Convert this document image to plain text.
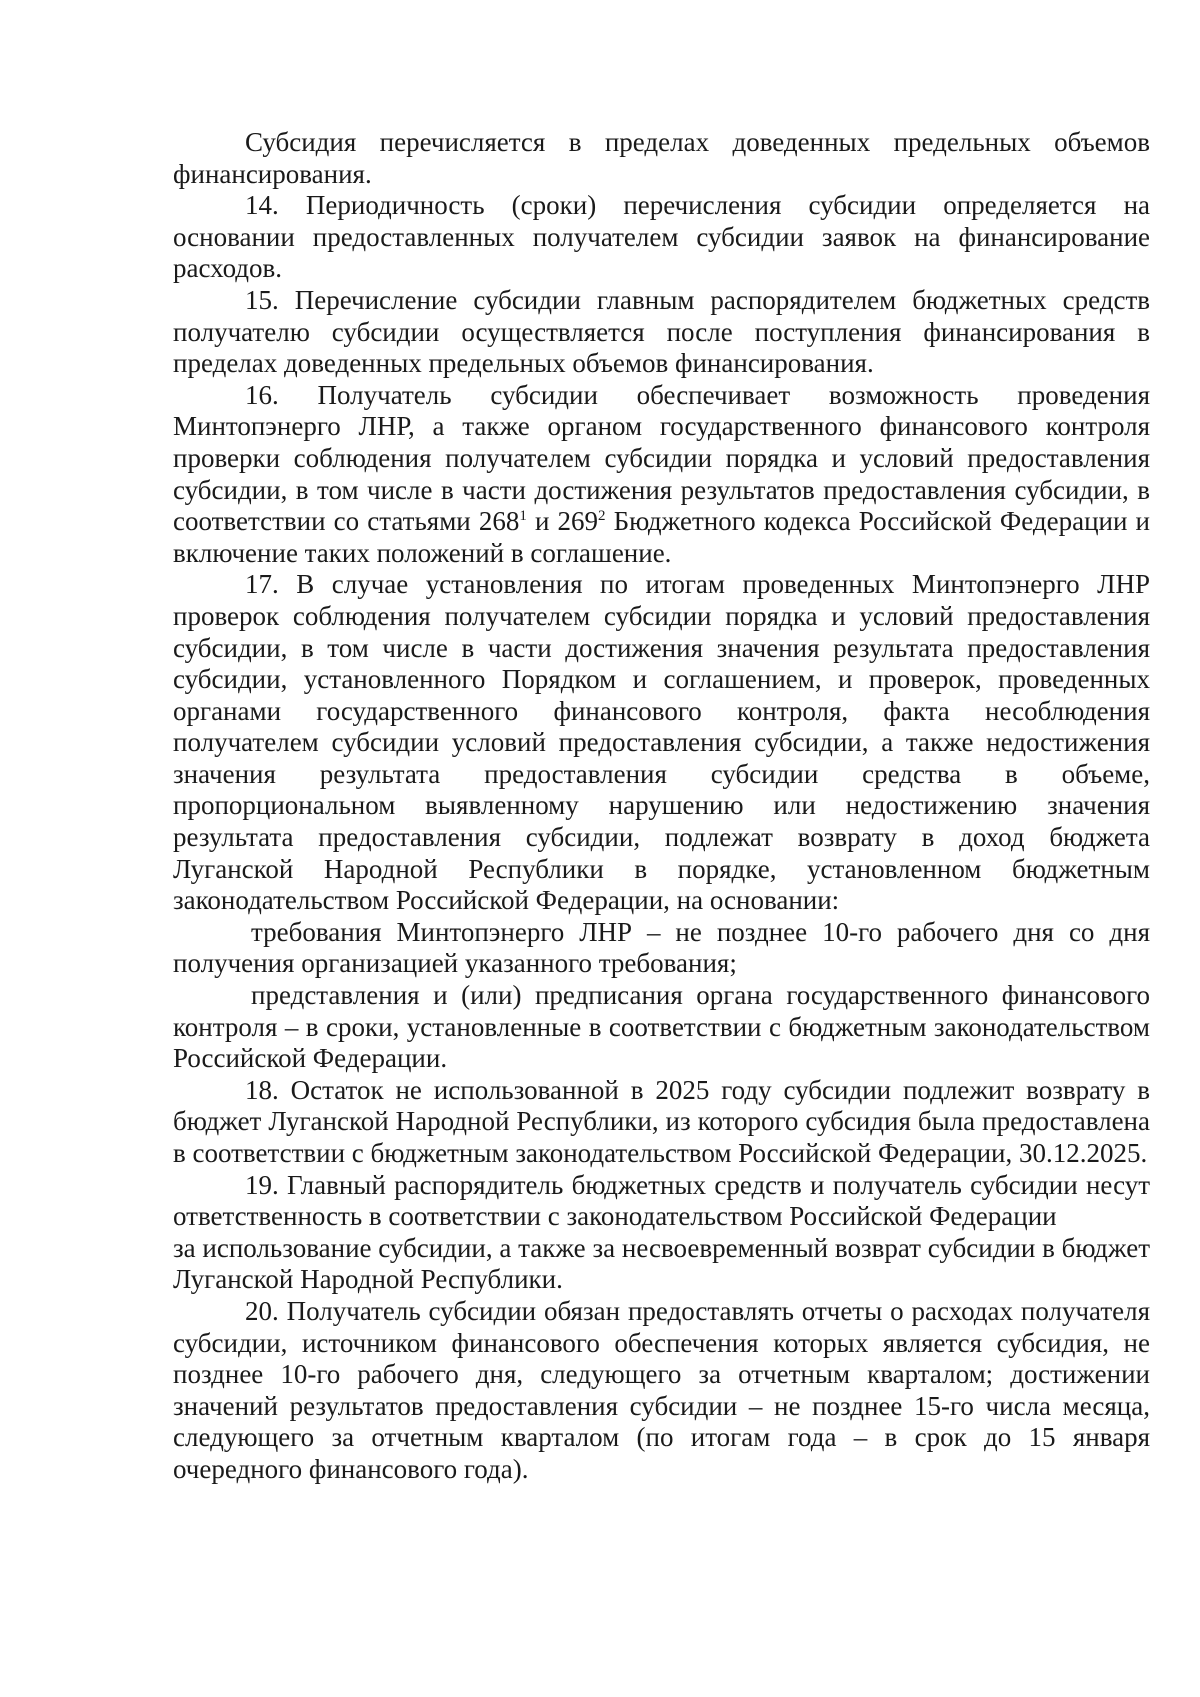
Субсидия перечисляется в пределах доведенных предельных объемов финансирования.

14. Периодичность (сроки) перечисления субсидии определяется на основании предоставленных получателем субсидии заявок на финансирование расходов.

15. Перечисление субсидии главным распорядителем бюджетных средств получателю субсидии осуществляется после поступления финансирования в пределах доведенных предельных объемов финансирования.

16. Получатель субсидии обеспечивает возможность проведения Минтопэнерго ЛНР, а также органом государственного финансового контроля проверки соблюдения получателем субсидии порядка и условий предоставления субсидии, в том числе в части достижения результатов предоставления субсидии, в соответствии со статьями $268^1$ и $269^2$ Бюджетного кодекса Российской Федерации и включение таких положений в соглашение.

17. В случае установления по итогам проведенных Минтопэнерго ЛНР проверок соблюдения получателем субсидии порядка и условий предоставления субсидии, в том числе в части достижения значения результата предоставления субсидии, установленного Порядком и соглашением, и проверок, проведенных органами государственного финансового контроля, факта несоблюдения получателем субсидии условий предоставления субсидии, а также недостижения значения результата предоставления субсидии средства в объеме, пропорциональном выявленному нарушению или недостижению значения результата предоставления субсидии, подлежат возврату в доход бюджета Луганской Народной Республики в порядке, установленном бюджетным законодательством Российской Федерации, на основании:

требования Минтопэнерго ЛНР – не позднее 10-го рабочего дня со дня получения организацией указанного требования;

представления и (или) предписания органа государственного финансового контроля – в сроки, установленные в соответствии с бюджетным законодательством Российской Федерации.

18. Остаток не использованной в 2025 году субсидии подлежит возврату в бюджет Луганской Народной Республики, из которого субсидия была предоставлена в соответствии с бюджетным законодательством Российской Федерации, 30.12.2025.

19. Главный распорядитель бюджетных средств и получатель субсидии несут ответственность в соответствии с законодательством Российской Федерации

за использование субсидии, а также за несвоевременный возврат субсидии в бюджет Луганской Народной Республики.

20. Получатель субсидии обязан предоставлять отчеты о расходах получателя субсидии, источником финансового обеспечения которых является субсидия, не позднее 10-го рабочего дня, следующего за отчетным кварталом; достижении значений результатов предоставления субсидии – не позднее 15-го числа месяца, следующего за отчетным кварталом (по итогам года – в срок до 15 января очередного финансового года).
